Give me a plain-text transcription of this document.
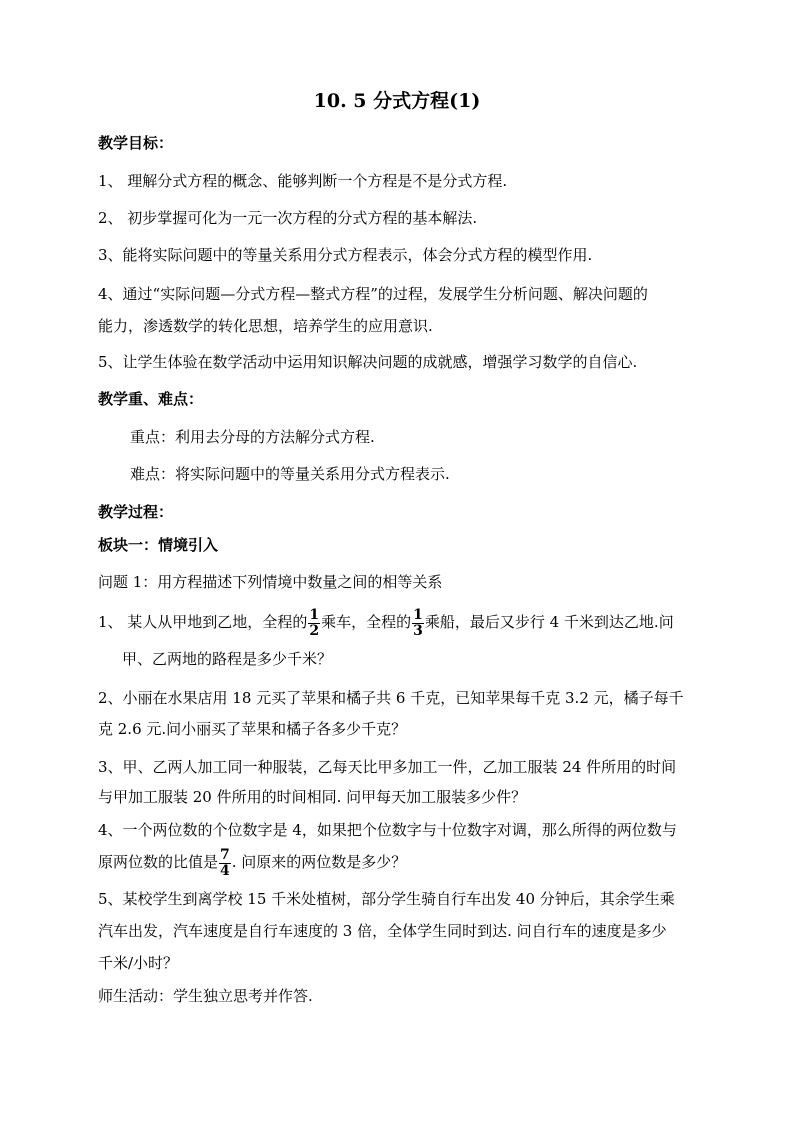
10. 5 分式方程(1)
教学目标：
1、 理解分式方程的概念、能够判断一个方程是不是分式方程.
2、 初步掌握可化为一元一次方程的分式方程的基本解法.
3、能将实际问题中的等量关系用分式方程表示，体会分式方程的模型作用.
4、通过“实际问题—分式方程—整式方程”的过程，发展学生分析问题、解决问题的
能力，渗透数学的转化思想，培养学生的应用意识.
5、让学生体验在数学活动中运用知识解决问题的成就感，增强学习数学的自信心.
教学重、难点：
重点：利用去分母的方法解分式方程.
难点：将实际问题中的等量关系用分式方程表示.
教学过程：
板块一：情境引入
问题 1：用方程描述下列情境中数量之间的相等关系
1、 某人从甲地到乙地，全程的 $\frac{1}{2}$ 乘车，全程的 $\frac{1}{3}$ 乘船，最后又步行 4 千米到达乙地.问
甲、乙两地的路程是多少千米？
2、小丽在水果店用 18 元买了苹果和橘子共 6 千克，已知苹果每千克 3.2 元，橘子每千
克 2.6 元.问小丽买了苹果和橘子各多少千克？
3、甲、乙两人加工同一种服装，乙每天比甲多加工一件，乙加工服装 24 件所用的时间
与甲加工服装 20 件所用的时间相同. 问甲每天加工服装多少件？
4、一个两位数的个位数字是 4，如果把个位数字与十位数字对调，那么所得的两位数与
原两位数的比值是 $\frac{7}{4}$ . 问原来的两位数是多少？
5、某校学生到离学校 15 千米处植树，部分学生骑自行车出发 40 分钟后，其余学生乘
汽车出发，汽车速度是自行车速度的 3 倍，全体学生同时到达. 问自行车的速度是多少
千米/小时？
师生活动：学生独立思考并作答.
